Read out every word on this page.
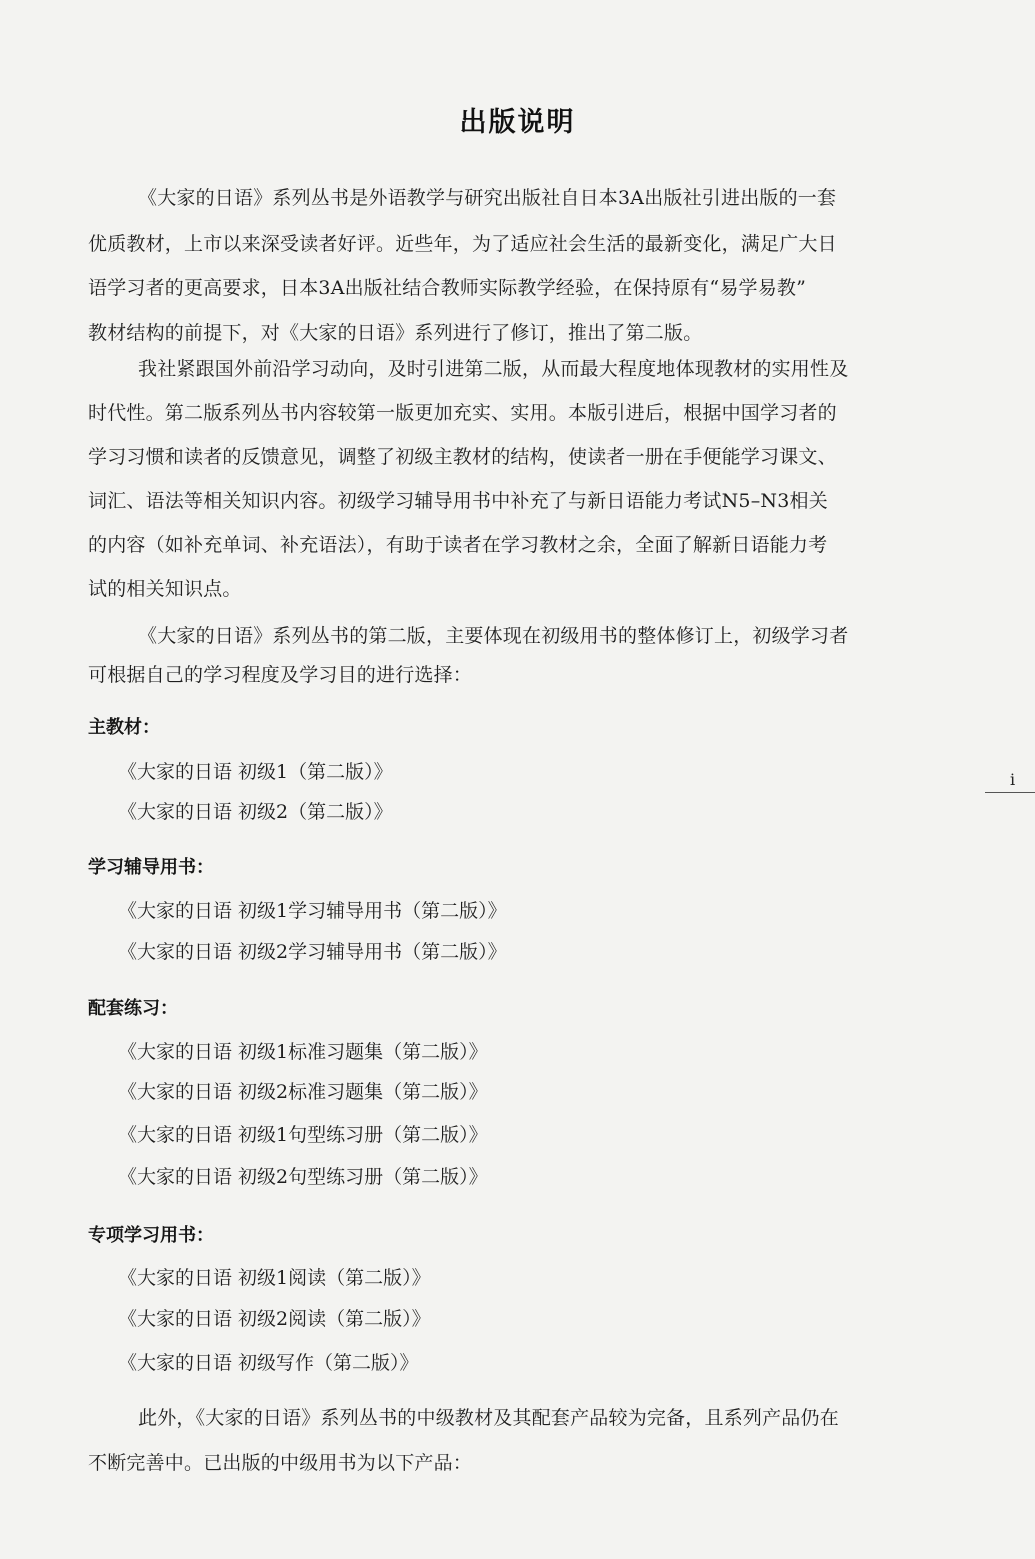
出版说明
《大家的日语》系列丛书是外语教学与研究出版社自日本3A出版社引进出版的一套
优质教材，上市以来深受读者好评。近些年，为了适应社会生活的最新变化，满足广大日
语学习者的更高要求，日本3A出版社结合教师实际教学经验，在保持原有“易学易教”
教材结构的前提下，对《大家的日语》系列进行了修订，推出了第二版。
我社紧跟国外前沿学习动向，及时引进第二版，从而最大程度地体现教材的实用性及
时代性。第二版系列丛书内容较第一版更加充实、实用。本版引进后，根据中国学习者的
学习习惯和读者的反馈意见，调整了初级主教材的结构，使读者一册在手便能学习课文、
词汇、语法等相关知识内容。初级学习辅导用书中补充了与新日语能力考试N5–N3相关
的内容（如补充单词、补充语法），有助于读者在学习教材之余，全面了解新日语能力考
试的相关知识点。
《大家的日语》系列丛书的第二版，主要体现在初级用书的整体修订上，初级学习者
可根据自己的学习程度及学习目的进行选择：
主教材：
《大家的日语 初级1（第二版）》
《大家的日语 初级2（第二版）》
学习辅导用书：
《大家的日语 初级1学习辅导用书（第二版）》
《大家的日语 初级2学习辅导用书（第二版）》
配套练习：
《大家的日语 初级1标准习题集（第二版）》
《大家的日语 初级2标准习题集（第二版）》
《大家的日语 初级1句型练习册（第二版）》
《大家的日语 初级2句型练习册（第二版）》
专项学习用书：
《大家的日语 初级1阅读（第二版）》
《大家的日语 初级2阅读（第二版）》
《大家的日语 初级写作（第二版）》
此外，《大家的日语》系列丛书的中级教材及其配套产品较为完备，且系列产品仍在
不断完善中。已出版的中级用书为以下产品：
i
